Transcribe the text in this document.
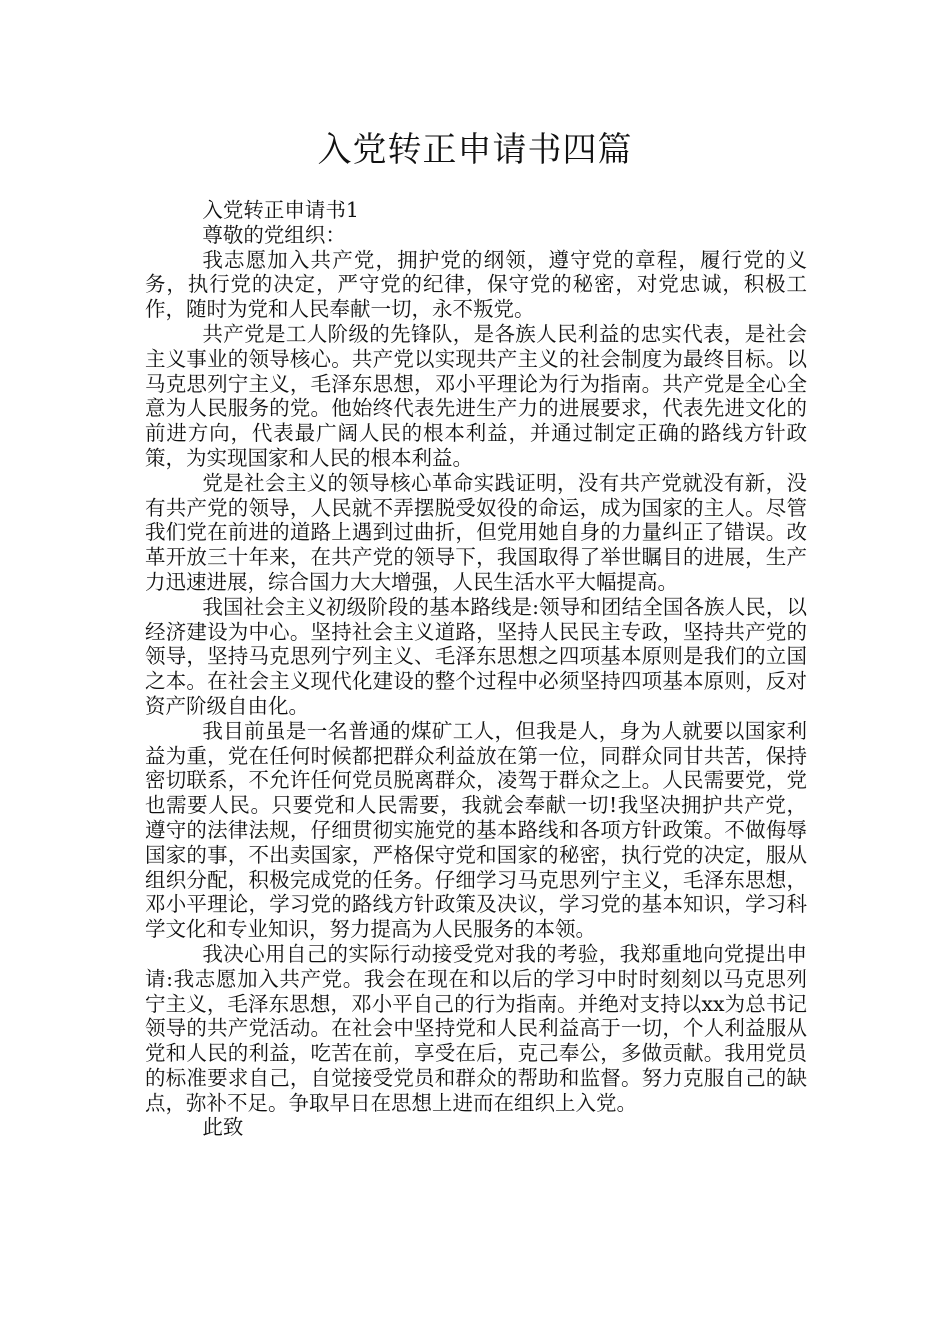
入党转正申请书四篇

入党转正申请书1

尊敬的党组织：

我志愿加入共产党，拥护党的纲领，遵守党的章程，履行党的义务，执行党的决定，严守党的纪律，保守党的秘密，对党忠诚，积极工作，随时为党和人民奉献一切，永不叛党。

共产党是工人阶级的先锋队，是各族人民利益的忠实代表，是社会主义事业的领导核心。共产党以实现共产主义的社会制度为最终目标。以马克思列宁主义，毛泽东思想，邓小平理论为行为指南。共产党是全心全意为人民服务的党。他始终代表先进生产力的进展要求，代表先进文化的前进方向，代表最广阔人民的根本利益，并通过制定正确的路线方针政策，为实现国家和人民的根本利益。

党是社会主义的领导核心革命实践证明，没有共产党就没有新，没有共产党的领导，人民就不弄摆脱受奴役的命运，成为国家的主人。尽管我们党在前进的道路上遇到过曲折，但党用她自身的力量纠正了错误。改革开放三十年来，在共产党的领导下，我国取得了举世瞩目的进展，生产力迅速进展，综合国力大大增强，人民生活水平大幅提高。

我国社会主义初级阶段的基本路线是:领导和团结全国各族人民，以经济建设为中心。坚持社会主义道路，坚持人民民主专政，坚持共产党的领导，坚持马克思列宁列主义、毛泽东思想之四项基本原则是我们的立国之本。在社会主义现代化建设的整个过程中必须坚持四项基本原则，反对资产阶级自由化。

我目前虽是一名普通的煤矿工人，但我是人，身为人就要以国家利益为重，党在任何时候都把群众利益放在第一位，同群众同甘共苦，保持密切联系，不允许任何党员脱离群众，凌驾于群众之上。人民需要党，党也需要人民。只要党和人民需要，我就会奉献一切!我坚决拥护共产党，遵守的法律法规，仔细贯彻实施党的基本路线和各项方针政策。不做侮辱国家的事，不出卖国家，严格保守党和国家的秘密，执行党的决定，服从组织分配，积极完成党的任务。仔细学习马克思列宁主义，毛泽东思想，邓小平理论，学习党的路线方针政策及决议，学习党的基本知识，学习科学文化和专业知识，努力提高为人民服务的本领。

我决心用自己的实际行动接受党对我的考验，我郑重地向党提出申请:我志愿加入共产党。我会在现在和以后的学习中时时刻刻以马克思列宁主义，毛泽东思想，邓小平自己的行为指南。并绝对支持以xx为总书记领导的共产党活动。在社会中坚持党和人民利益高于一切，个人利益服从党和人民的利益，吃苦在前，享受在后，克己奉公，多做贡献。我用党员的标准要求自己，自觉接受党员和群众的帮助和监督。努力克服自己的缺点，弥补不足。争取早日在思想上进而在组织上入党。

此致
